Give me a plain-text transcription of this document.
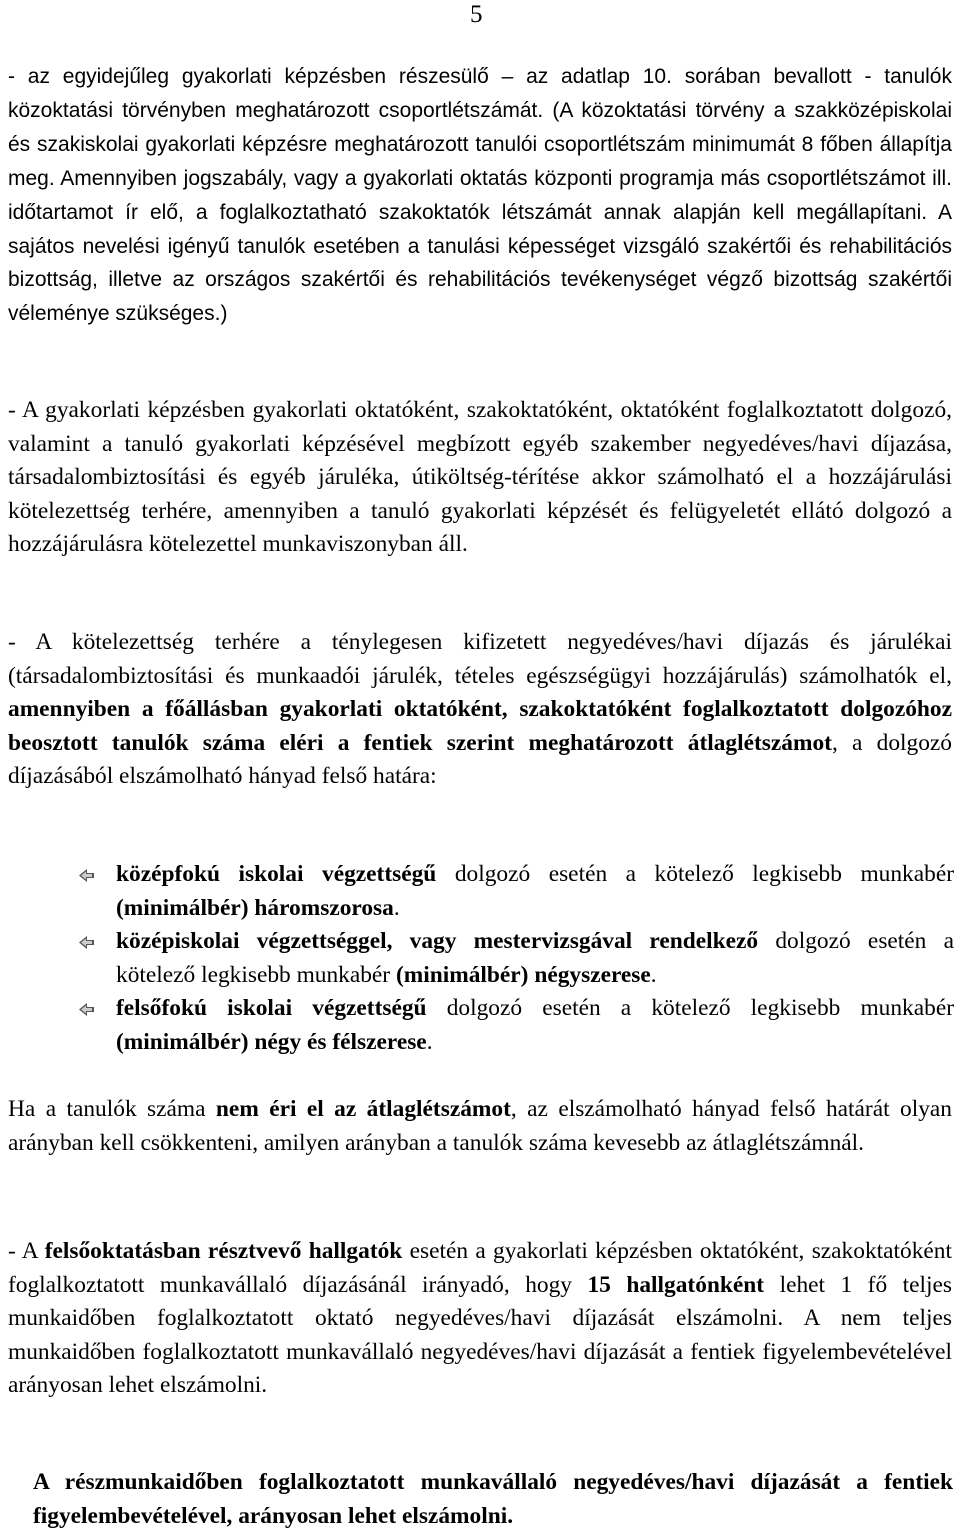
5

- az egyidejűleg gyakorlati képzésben részesülő – az adatlap 10. sorában bevallott - tanulók közoktatási törvényben meghatározott csoportlétszámát. (A közoktatási törvény a szakközépiskolai és szakiskolai gyakorlati képzésre meghatározott tanulói csoportlétszám minimumát 8 főben állapítja meg. Amennyiben jogszabály, vagy a gyakorlati oktatás központi programja más csoportlétszámot ill. időtartamot ír elő, a foglalkoztatható szakoktatók létszámát annak alapján kell megállapítani. A sajátos nevelési igényű tanulók esetében a tanulási képességet vizsgáló szakértői és rehabilitációs bizottság, illetve az országos szakértői és rehabilitációs tevékenységet végző bizottság szakértői véleménye szükséges.)

- A gyakorlati képzésben gyakorlati oktatóként, szakoktatóként, oktatóként foglalkoztatott dolgozó, valamint a tanuló gyakorlati képzésével megbízott egyéb szakember negyedéves/havi díjazása, társadalombiztosítási és egyéb járuléka, útiköltség-térítése akkor számolható el a hozzájárulási kötelezettség terhére, amennyiben a tanuló gyakorlati képzését és felügyeletét ellátó dolgozó a hozzájárulásra kötelezettel munkaviszonyban áll.

- A kötelezettség terhére a ténylegesen kifizetett negyedéves/havi díjazás és járulékai (társadalombiztosítási és munkaadói járulék, tételes egészségügyi hozzájárulás) számolhatók el, amennyiben a főállásban gyakorlati oktatóként, szakoktatóként foglalkoztatott dolgozóhoz beosztott tanulók száma eléri a fentiek szerint meghatározott átlaglétszámot, a dolgozó díjazásából elszámolható hányad felső határa:

középfokú iskolai végzettségű dolgozó esetén a kötelező legkisebb munkabér (minimálbér) háromszorosa.
középiskolai végzettséggel, vagy mestervizsgával rendelkező dolgozó esetén a kötelező legkisebb munkabér (minimálbér) négyszerese.
felsőfokú iskolai végzettségű dolgozó esetén a kötelező legkisebb munkabér (minimálbér) négy és félszerese.

Ha a tanulók száma nem éri el az átlaglétszámot, az elszámolható hányad felső határát olyan arányban kell csökkenteni, amilyen arányban a tanulók száma kevesebb az átlaglétszámnál.

- A felsőoktatásban résztvevő hallgatók esetén a gyakorlati képzésben oktatóként, szakoktatóként foglalkoztatott munkavállaló díjazásánál irányadó, hogy 15 hallgatónként lehet 1 fő teljes munkaidőben foglalkoztatott oktató negyedéves/havi díjazását elszámolni. A nem teljes munkaidőben foglalkoztatott munkavállaló negyedéves/havi díjazását a fentiek figyelembevételével arányosan lehet elszámolni.

A részmunkaidőben foglalkoztatott munkavállaló negyedéves/havi díjazását a fentiek figyelembevételével, arányosan lehet elszámolni.
